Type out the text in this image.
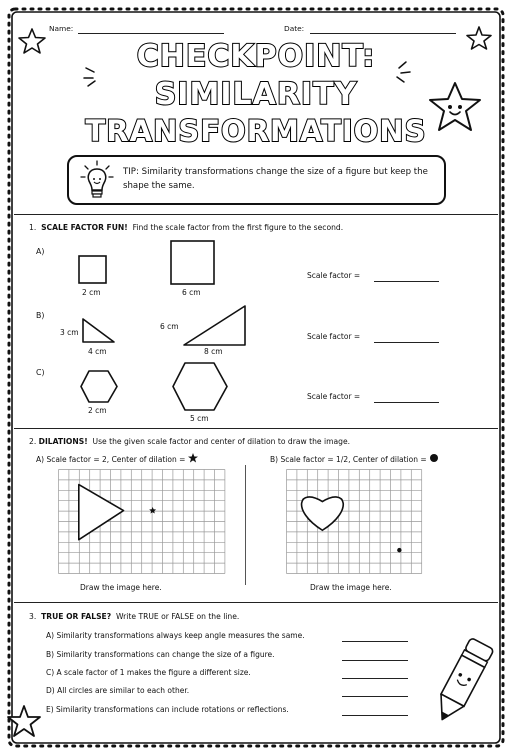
Name:	Date:
CHECKPOINT:
SIMILARITY
TRANSFORMATIONS
TIP: Similarity transformations change the size of a figure but keep the shape the same.
1. SCALE FACTOR FUN! Find the scale factor from the first figure to the second.
A)
2 cm	6 cm
Scale factor =
B)
3 cm
4 cm
6 cm
8 cm
Scale factor =
C)
2 cm
5 cm
Scale factor =
2. DILATIONS! Use the given scale factor and center of dilation to draw the image.
A) Scale factor = 2, Center of dilation =	B) Scale factor = 1/2, Center of dilation =
Draw the image here.	Draw the image here.
3. TRUE OR FALSE? Write TRUE or FALSE on the line.
A) Similarity transformations always keep angle measures the same.
B) Similarity transformations can change the size of a figure.
C) A scale factor of 1 makes the figure a different size.
D) All circles are similar to each other.
E) Similarity transformations can include rotations or reflections.
